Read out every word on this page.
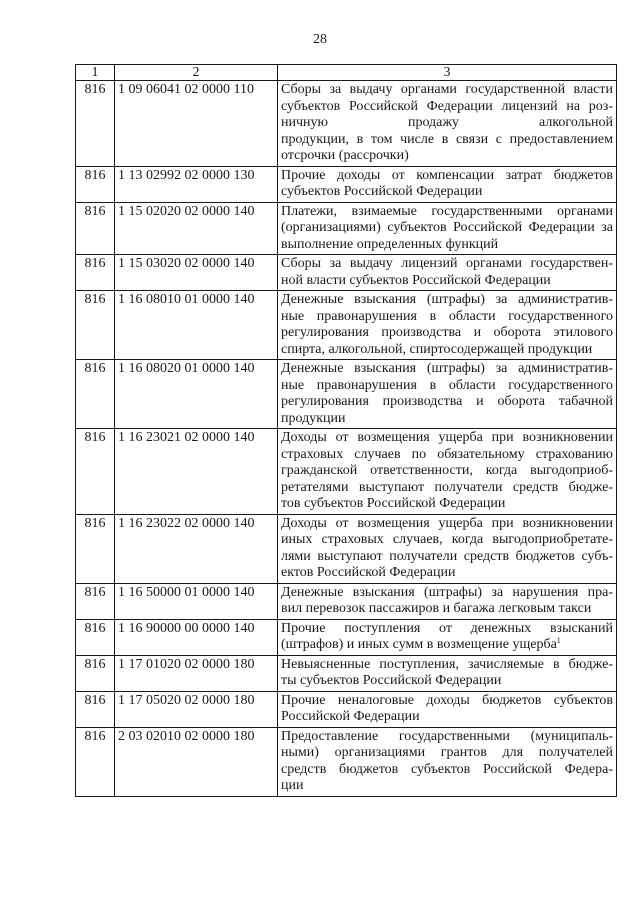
28
1	2	3
816	1 09 06041 02 0000 110	Сборы за выдачу органами государственной власти
субъектов Российской Федерации лицензий на роз-
ничную продажу алкогольной
продукции, в том числе в связи с предоставлением
отсрочки (рассрочки)

816	1 13 02992 02 0000 130	Прочие доходы от компенсации затрат бюджетов
субъектов Российской Федерации

816	1 15 02020 02 0000 140	Платежи, взимаемые государственными органами
(организациями) субъектов Российской Федерации за
выполнение определенных функций

816	1 15 03020 02 0000 140	Сборы за выдачу лицензий органами государствен-
ной власти субъектов Российской Федерации

816	1 16 08010 01 0000 140	Денежные взыскания (штрафы) за административ-
ные правонарушения в области государственного
регулирования производства и оборота этилового
спирта, алкогольной, спиртосодержащей продукции

816	1 16 08020 01 0000 140	Денежные взыскания (штрафы) за административ-
ные правонарушения в области государственного
регулирования производства и оборота табачной
продукции

816	1 16 23021 02 0000 140	Доходы от возмещения ущерба при возникновении
страховых случаев по обязательному страхованию
гражданской ответственности, когда выгодоприоб-
ретателями выступают получатели средств бюдже-
тов субъектов Российской Федерации

816	1 16 23022 02 0000 140	Доходы от возмещения ущерба при возникновении
иных страховых случаев, когда выгодоприобретате-
лями выступают получатели средств бюджетов субъ-
ектов Российской Федерации

816	1 16 50000 01 0000 140	Денежные взыскания (штрафы) за нарушения пра-
вил перевозок пассажиров и багажа легковым такси

816	1 16 90000 00 0000 140	Прочие поступления от денежных взысканий
(штрафов) и иных сумм в возмещение ущерба$^1$

816	1 17 01020 02 0000 180	Невыясненные поступления, зачисляемые в бюдже-
ты субъектов Российской Федерации

816	1 17 05020 02 0000 180	Прочие неналоговые доходы бюджетов субъектов
Российской Федерации

816	2 03 02010 02 0000 180	Предоставление государственными (муниципаль-
ными) организациями грантов для получателей
средств бюджетов субъектов Российской Федера-
ции
